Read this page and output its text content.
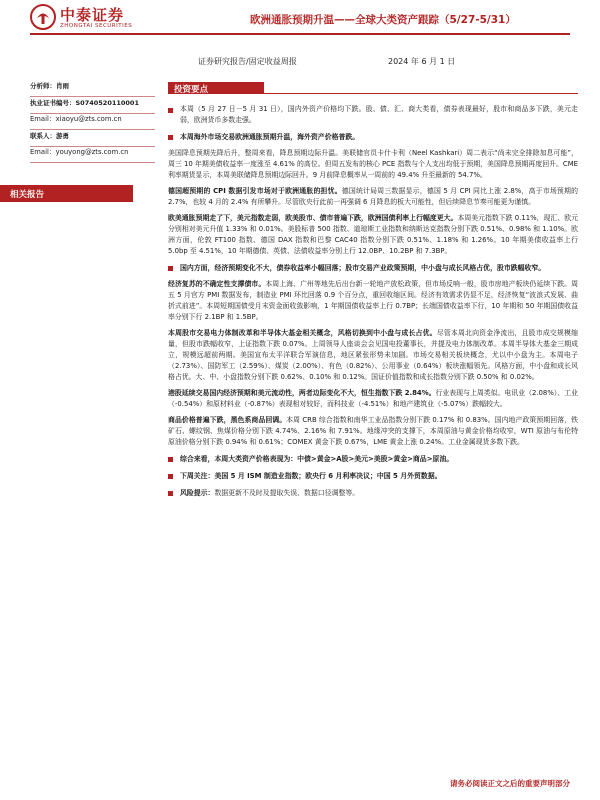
中泰证券
ZHONGTAI SECURITIES	欧洲通胀预期升温——全球大类资产跟踪（5/27-5/31）
证券研究报告/固定收益周报	2024 年 6 月 1 日
分析师：肖雨
执业证书编号：S0740520110001
Email：xiaoyu@zts.com.cn
联系人：游勇
Email：youyong@zts.com.cn
相关报告
投资要点
本周（5 月 27 日－5 月 31 日），国内外资产价格均下跌。股、债、汇、商大类看，债券表现最好，股市和商品多下跌，美元走弱，欧洲货币多数走强。
本周海外市场交易欧洲通胀预期升温，海外资产价格普跌。
美国降息预期先降后升，整周来看，降息预期边际升温。美联储官员卡什卡利（Neel Kashkari）周二表示“尚未完全排除加息可能”，周三 10 年期美债收益率一度涨至 4.61% 的高位。但周五发布的核心 PCE 指数与个人支出均低于预期，美国降息预期再度回升。CME 利率期货显示，本周美联储降息预期边际回升。9 月前降息概率从一周前的 49.4% 升至最新的 54.7%。
德国超预期的 CPI 数据引发市场对于欧洲通胀的担忧。德国统计局周三数据显示，德国 5 月 CPI 同比上涨 2.8%，高于市场预期的 2.7%，也较 4 月的 2.4% 有所攀升。尽管欧央行此前一再强调 6 月降息的板大可能性，但后续降息节奏可能更为谨慎。
欧美通胀预期走了下，美元指数走弱，欧美股市、债市普遍下跌，欧洲国债利率上行幅度更大。本周美元指数下跌 0.11%，现汇、欧元分别相对美元升值 1.33% 和 0.01%。美股标普 500 指数、道琼斯工业指数和纳斯达克指数分别下跌 0.51%、0.98% 和 1.10%。欧洲方面，伦敦 FT100 指数、德国 DAX 指数和巴黎 CAC40 指数分别下跌 0.51%、1.18% 和 1.26%。10 年期美债收益率上行 5.0bp 至 4.51%，10 年期德债、英债、法债收益率分别上行 12.0BP、10.2BP 和 7.3BP。
国内方面，经济预期变化不大，债券收益率小幅回落；股市交易产业政策预期，中小盘与成长风格占优，股市跌幅收窄。
经济复苏的不确定性支撑债市。本周上海、广州等地先后出台新一轮地产放松政策，但市场反响一般，股市房地产板块仍延续下跌。周五 5 月官方 PMI 数据发布，制造业 PMI 环比回落 0.9 个百分点，重回收缩区间。经济有效需求仍显不足，经济恢复“波浪式发展、曲折式前进”。本周短期国债受月末资金面收敛影响，1 年期国债收益率上行 0.7BP；长端国债收益率下行，10 年期和 50 年期国债收益率分别下行 2.1BP 和 1.5BP。
本周股市交易电力体制改革和半导体大基金相关概念，风格切换到中小盘与成长占优。尽管本周北向资金净流出，且股市成交规模缩量，但股市跌幅收窄，上证指数下跌 0.07%。上周领导人座谈会会见国电投董事长，并提及电力体制改革。本周半导体大基金三期成立，规模远超前两期。美国宣布太平洋联合军演信息，地区紧张形势未加剧。市场交易相关板块概念，尤以中小盘为主。本周电子（2.73%）、国防军工（2.59%）、煤炭（2.00%）、有色（0.82%）、公用事业（0.64%）板块涨幅领先。风格方面，中小盘和成长风格占优。大、中、小盘指数分别下跌 0.62%、0.10% 和 0.12%。国证价值指数和成长指数分别下跌 0.50% 和 0.02%。
港股延续交易国内经济预期和美元流动性，两者边际变化不大，恒生指数下跌 2.84%。行业表现与上周类似。电讯业（2.08%）、工业（-0.54%）和原材料业（-0.87%）表现相对较好，而科技业（-4.51%）和地产建筑业（-5.07%）跌幅较大。
商品价格普遍下跌，黑色系商品回调。本周 CRB 综合指数和南华工业品指数分别下跌 0.17% 和 0.83%。国内地产政策预期回落，铁矿石、螺纹钢、焦煤价格分别下跌 4.74%、2.16% 和 7.91%。地缘冲突的支撑下，本周原油与黄金价格均收窄，WTI 原油与布伦特原油价格分别下跌 0.94% 和 0.61%；COMEX 黄金下跌 0.67%，LME 黄金上涨 0.24%。工业金属现货多数下跌。
综合来看，本周大类资产价格表现为：中债>黄金>A股>美元>美股>黄金>商品>原油。
下周关注：美国 5 月 ISM 制造业指数；欧央行 6 月利率决议；中国 5 月外贸数据。
风险提示：数据更新不及时及提取失误、数据口径调整等。
请务必阅读正文之后的重要声明部分
